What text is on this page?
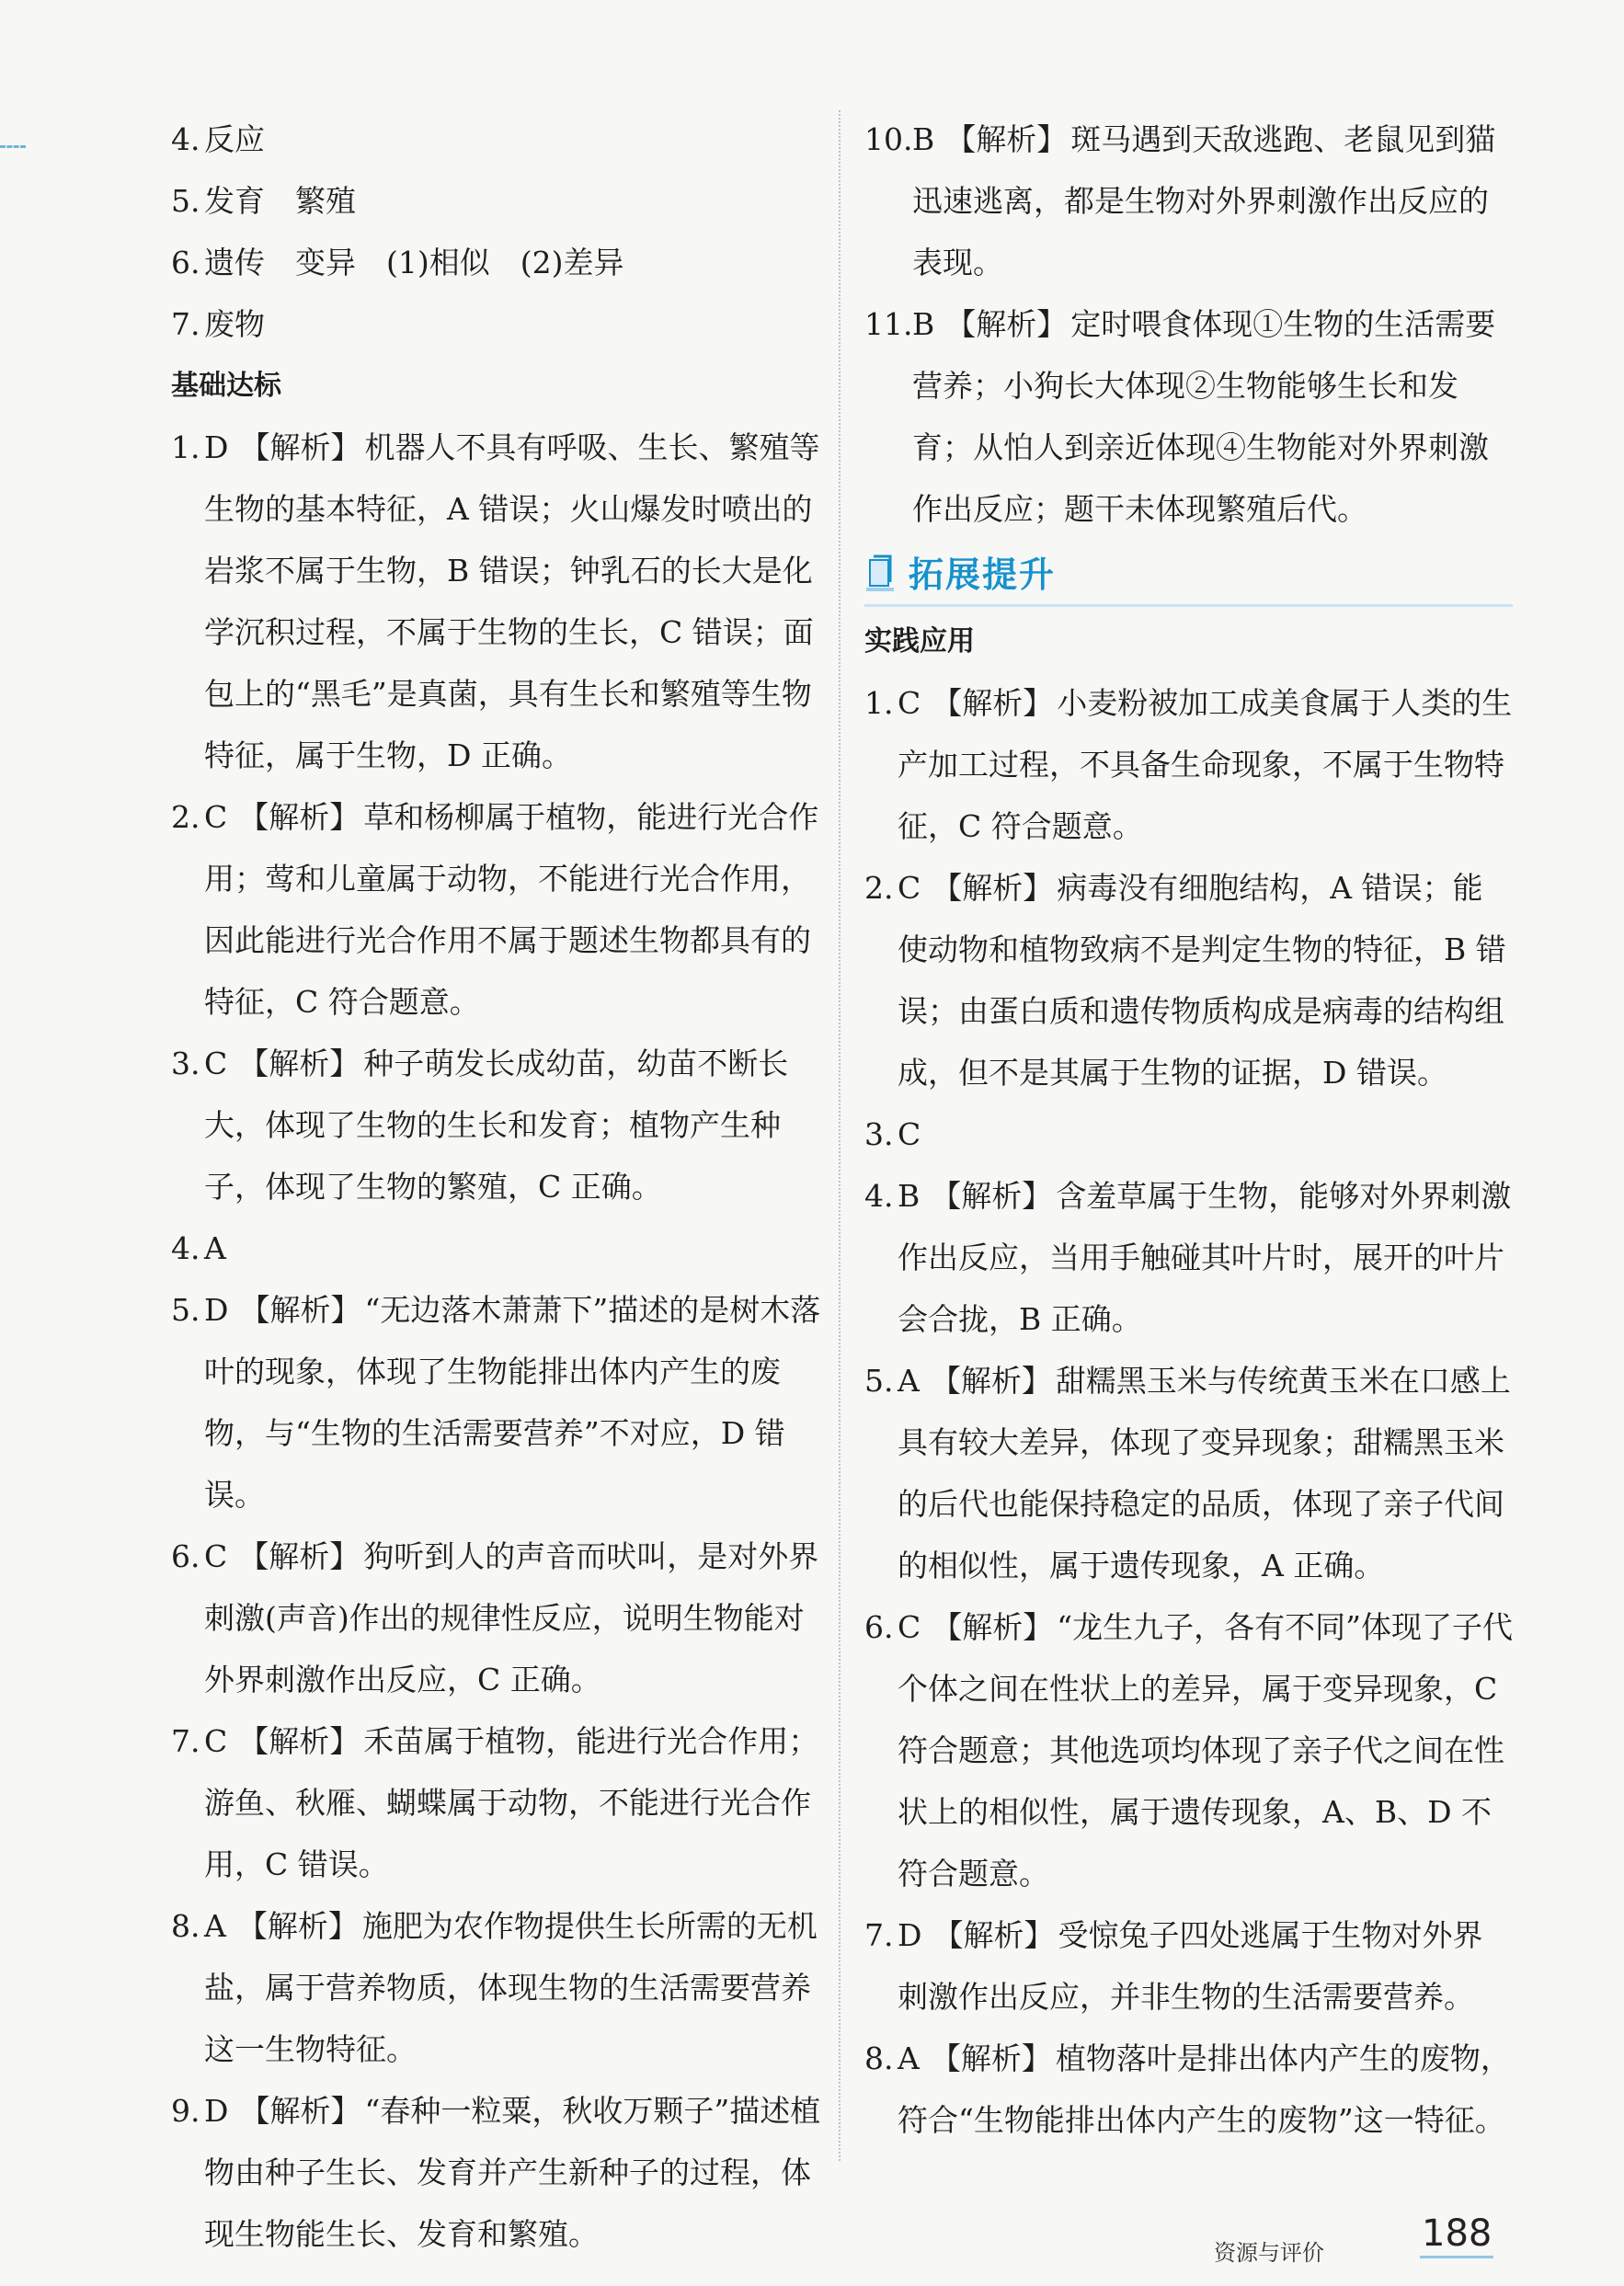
4. 反应
5. 发育　繁殖
6. 遗传　变异　(1)相似　(2)差异
7. 废物
基础达标
1. D 【解析】 机器人不具有呼吸、生长、繁殖等生物的基本特征，A 错误；火山爆发时喷出的岩浆不属于生物，B 错误；钟乳石的长大是化学沉积过程，不属于生物的生长，C 错误；面包上的“黑毛”是真菌，具有生长和繁殖等生物特征，属于生物，D 正确。
2. C 【解析】 草和杨柳属于植物，能进行光合作用；莺和儿童属于动物，不能进行光合作用，因此能进行光合作用不属于题述生物都具有的特征，C 符合题意。
3. C 【解析】 种子萌发长成幼苗，幼苗不断长大，体现了生物的生长和发育；植物产生种子，体现了生物的繁殖，C 正确。
4. A
5. D 【解析】 “无边落木萧萧下”描述的是树木落叶的现象，体现了生物能排出体内产生的废物，与“生物的生活需要营养”不对应，D 错误。
6. C 【解析】 狗听到人的声音而吠叫，是对外界刺激(声音)作出的规律性反应，说明生物能对外界刺激作出反应，C 正确。
7. C 【解析】 禾苗属于植物，能进行光合作用；游鱼、秋雁、蝴蝶属于动物，不能进行光合作用，C 错误。
8. A 【解析】 施肥为农作物提供生长所需的无机盐，属于营养物质，体现生物的生活需要营养这一生物特征。
9. D 【解析】 “春种一粒粟，秋收万颗子”描述植物由种子生长、发育并产生新种子的过程，体现生物能生长、发育和繁殖。
10. B 【解析】 斑马遇到天敌逃跑、老鼠见到猫迅速逃离，都是生物对外界刺激作出反应的表现。
11. B 【解析】 定时喂食体现①生物的生活需要营养；小狗长大体现②生物能够生长和发育；从怕人到亲近体现④生物能对外界刺激作出反应；题干未体现繁殖后代。
拓展提升
实践应用
1. C 【解析】 小麦粉被加工成美食属于人类的生产加工过程，不具备生命现象，不属于生物特征，C 符合题意。
2. C 【解析】 病毒没有细胞结构，A 错误；能使动物和植物致病不是判定生物的特征，B 错误；由蛋白质和遗传物质构成是病毒的结构组成，但不是其属于生物的证据，D 错误。
3. C
4. B 【解析】 含羞草属于生物，能够对外界刺激作出反应，当用手触碰其叶片时，展开的叶片会合拢，B 正确。
5. A 【解析】 甜糯黑玉米与传统黄玉米在口感上具有较大差异，体现了变异现象；甜糯黑玉米的后代也能保持稳定的品质，体现了亲子代间的相似性，属于遗传现象，A 正确。
6. C 【解析】 “龙生九子，各有不同”体现了子代个体之间在性状上的差异，属于变异现象，C 符合题意；其他选项均体现了亲子代之间在性状上的相似性，属于遗传现象，A、B、D 不符合题意。
7. D 【解析】 受惊兔子四处逃属于生物对外界刺激作出反应，并非生物的生活需要营养。
8. A 【解析】 植物落叶是排出体内产生的废物，符合“生物能排出体内产生的废物”这一特征。
资源与评价	188
